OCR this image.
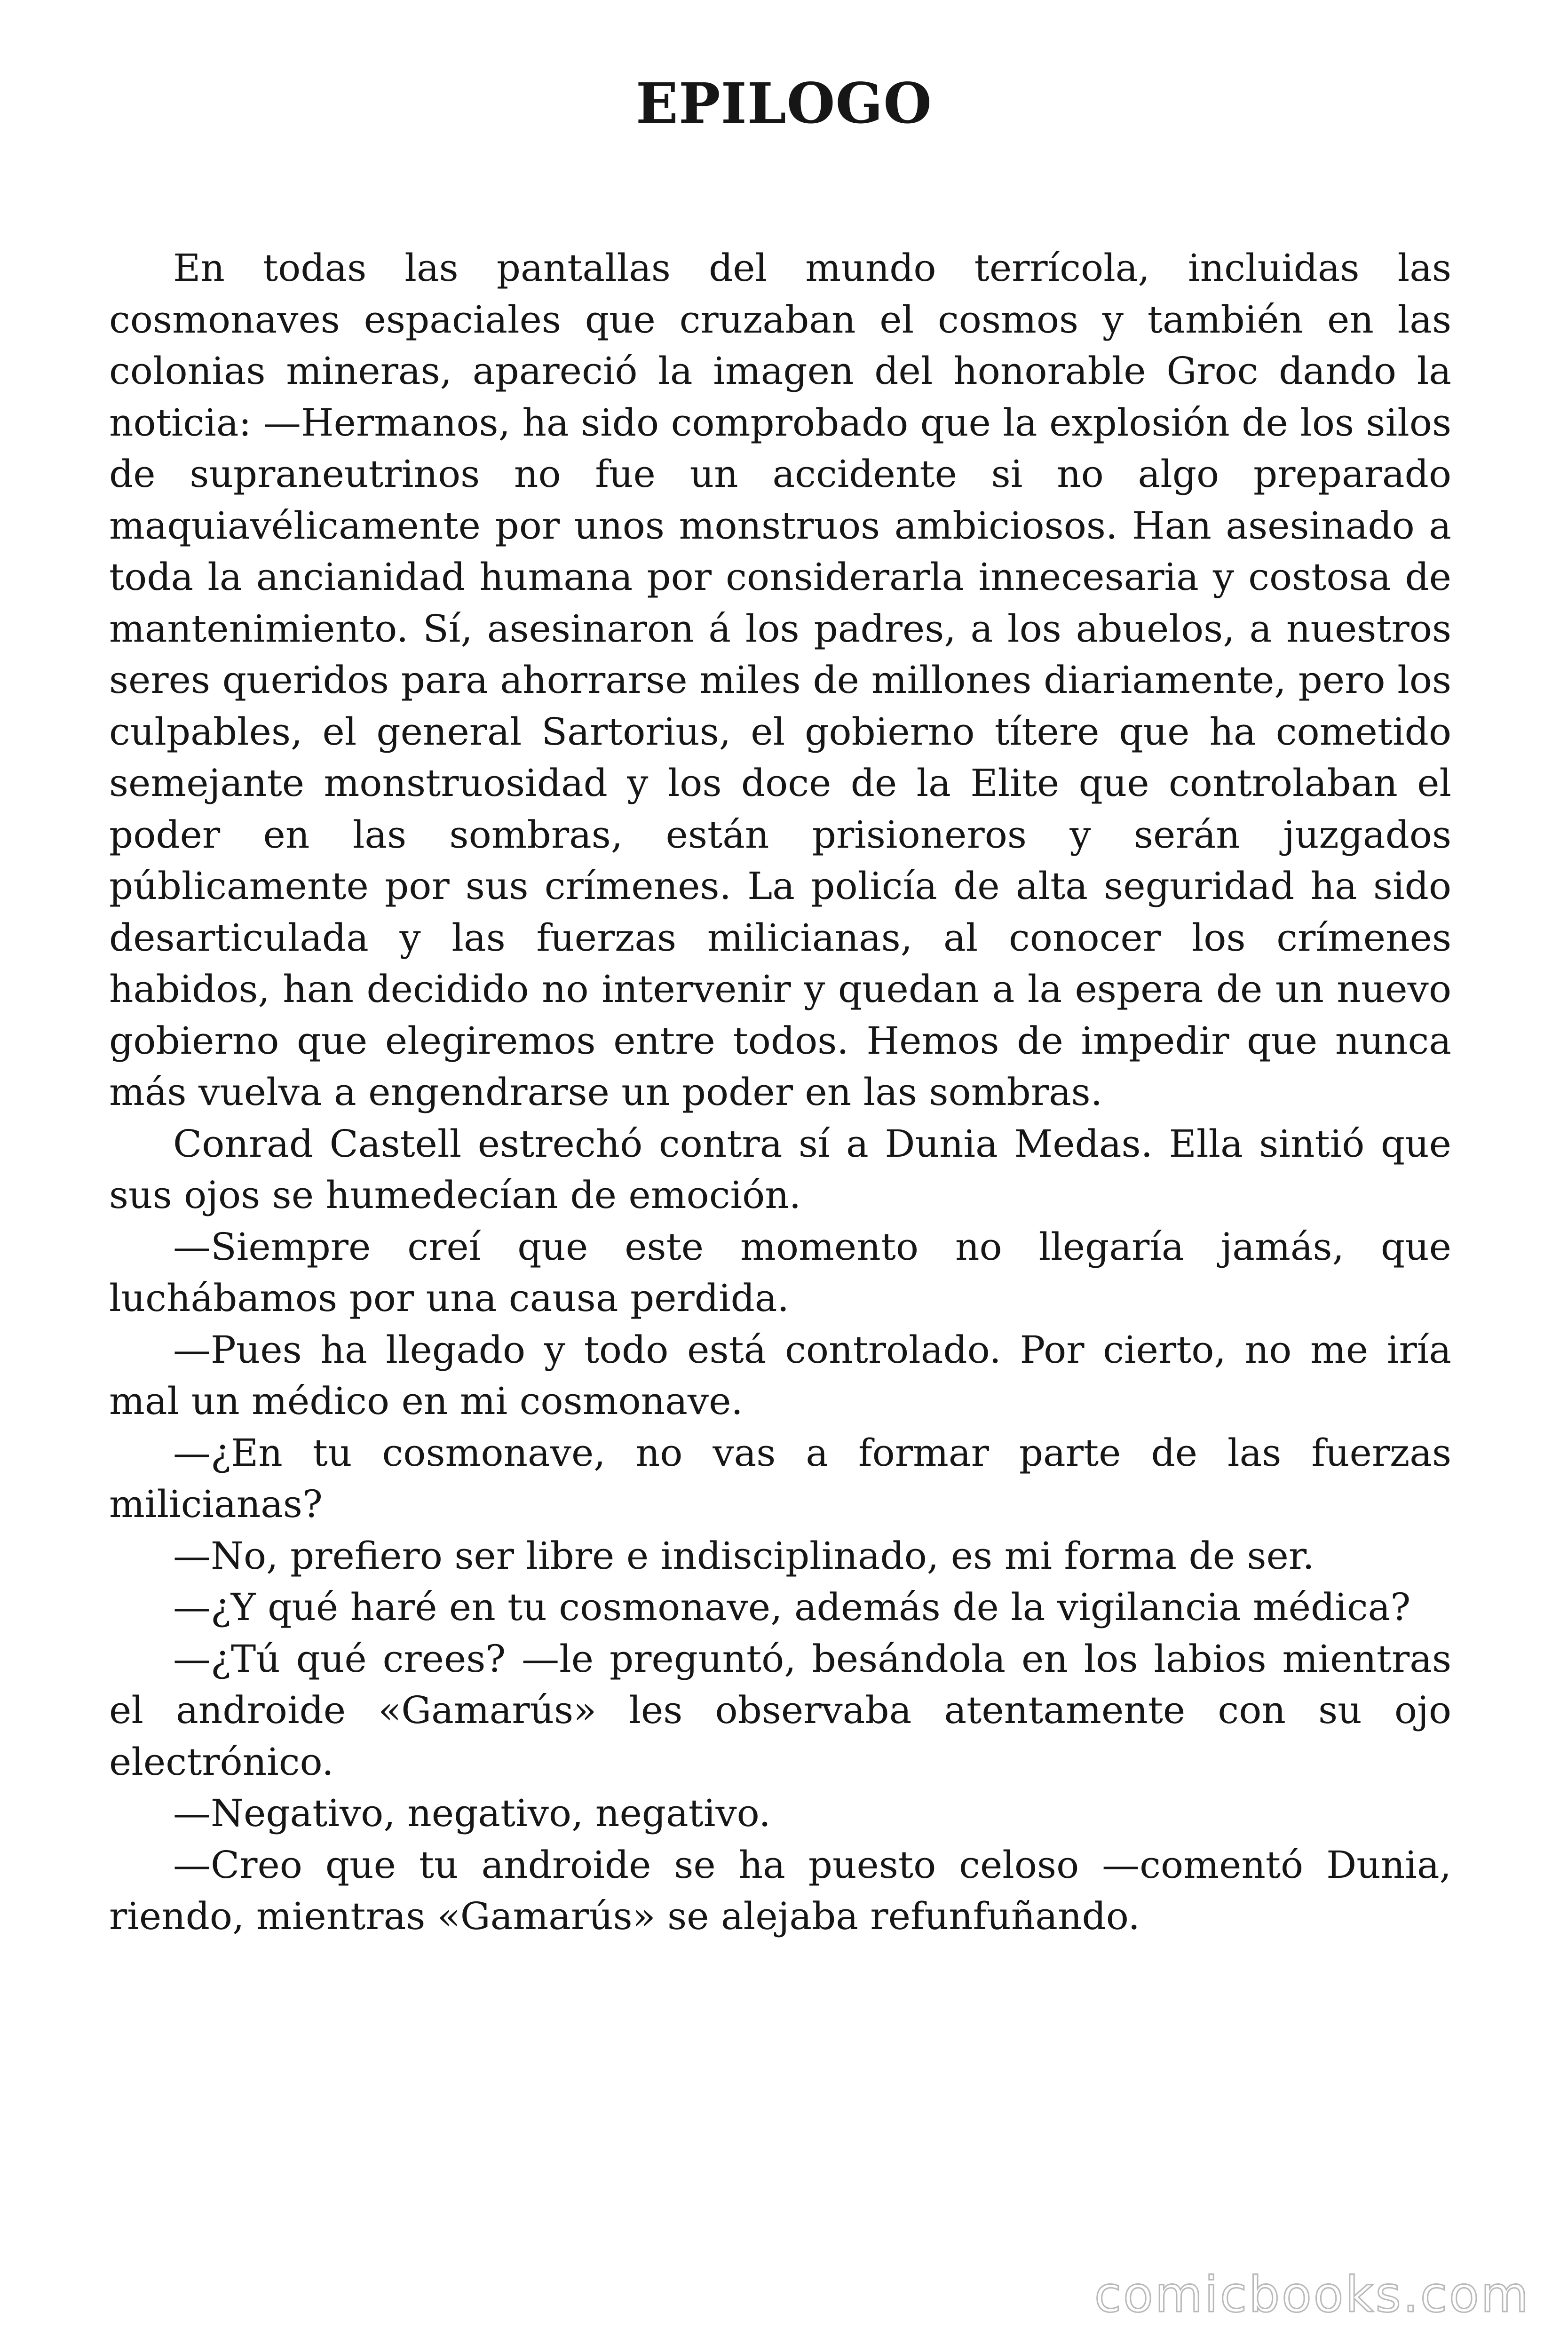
EPILOGO

En todas las pantallas del mundo terrícola, incluidas las cosmonaves espaciales que cruzaban el cosmos y también en las colonias mineras, apareció la imagen del honorable Groc dando la noticia: —Hermanos, ha sido comprobado que la explosión de los silos de supraneutrinos no fue un accidente si no algo preparado maquiavélicamente por unos monstruos ambiciosos. Han asesinado a toda la ancianidad humana por considerarla innecesaria y costosa de mantenimiento. Sí, asesinaron á los padres, a los abuelos, a nuestros seres queridos para ahorrarse miles de millones diariamente, pero los culpables, el general Sartorius, el gobierno títere que ha cometido semejante monstruosidad y los doce de la Elite que controlaban el poder en las sombras, están prisioneros y serán juzgados públicamente por sus crímenes. La policía de alta seguridad ha sido desarticulada y las fuerzas milicianas, al conocer los crímenes habidos, han decidido no intervenir y quedan a la espera de un nuevo gobierno que elegiremos entre todos. Hemos de impedir que nunca más vuelva a engendrarse un poder en las sombras.

Conrad Castell estrechó contra sí a Dunia Medas. Ella sintió que sus ojos se humedecían de emoción.

—Siempre creí que este momento no llegaría jamás, que luchábamos por una causa perdida.

—Pues ha llegado y todo está controlado. Por cierto, no me iría mal un médico en mi cosmonave.

—¿En tu cosmonave, no vas a formar parte de las fuerzas milicianas?

—No, prefiero ser libre e indisciplinado, es mi forma de ser.

—¿Y qué haré en tu cosmonave, además de la vigilancia médica?

—¿Tú qué crees? —le preguntó, besándola en los labios mientras el androide «Gamarús» les observaba atentamente con su ojo electrónico.

—Negativo, negativo, negativo.

—Creo que tu androide se ha puesto celoso —comentó Dunia, riendo, mientras «Gamarús» se alejaba refunfuñando.

comicbooks.com
